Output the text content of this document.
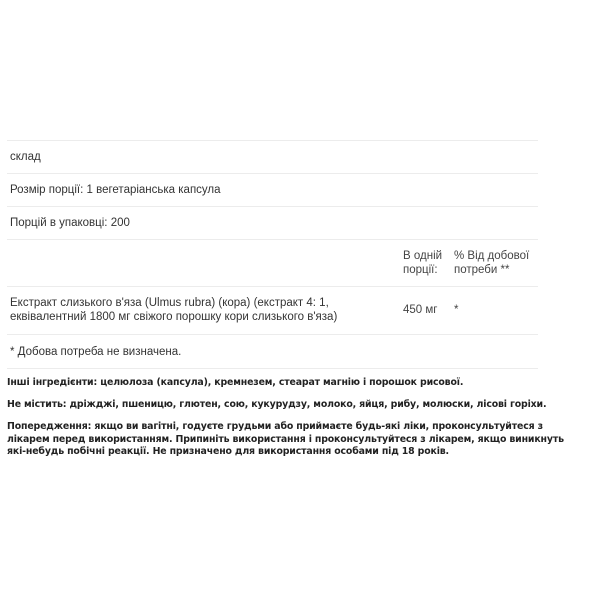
склад
Розмір порції: 1 вегетаріанська капсула
Порцій в упаковці: 200
В одній порції:
% Від добової потреби **
Екстракт слизького в'яза (Ulmus rubra) (кора) (екстракт 4: 1, еквівалентний 1800 мг свіжого порошку кори слизького в'яза)
450 мг	*
* Добова потреба не визначена.

Інші інгредієнти: целюлоза (капсула), кремнезем, стеарат магнію і порошок рисової.

Не містить: дріжджі, пшеницю, глютен, сою, кукурудзу, молоко, яйця, рибу, молюски, лісові горіхи.

Попередження: якщо ви вагітні, годуєте грудьми або приймаєте будь-які ліки, проконсультуйтеся з лікарем перед використанням. Припиніть використання і проконсультуйтеся з лікарем, якщо виникнуть які-небудь побічні реакції. Не призначено для використання особами під 18 років.
